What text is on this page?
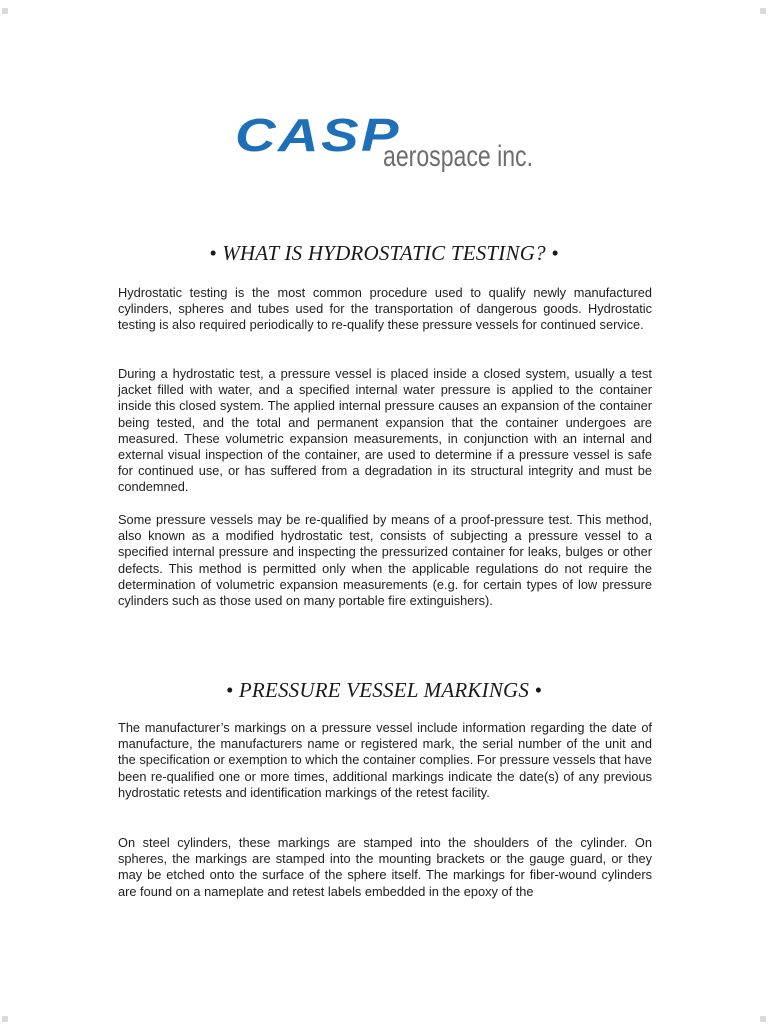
CASP
aerospace inc.
• WHAT IS HYDROSTATIC TESTING? •

Hydrostatic testing is the most common procedure used to qualify newly manufactured cylinders, spheres and tubes used for the transportation of dangerous goods. Hydrostatic testing is also required periodically to re-qualify these pressure vessels for continued service.

During a hydrostatic test, a pressure vessel is placed inside a closed system, usually a test jacket filled with water, and a specified internal water pressure is applied to the container inside this closed system. The applied internal pressure causes an expansion of the container being tested, and the total and permanent expansion that the container undergoes are measured. These volumetric expansion measurements, in conjunction with an internal and external visual inspection of the container, are used to determine if a pressure vessel is safe for continued use, or has suffered from a degradation in its structural integrity and must be condemned.

Some pressure vessels may be re-qualified by means of a proof-pressure test. This method, also known as a modified hydrostatic test, consists of subjecting a pressure vessel to a specified internal pressure and inspecting the pressurized container for leaks, bulges or other defects. This method is permitted only when the applicable regulations do not require the determination of volumetric expansion measurements (e.g. for certain types of low pressure cylinders such as those used on many portable fire extinguishers).

• PRESSURE VESSEL MARKINGS •

The manufacturer’s markings on a pressure vessel include information regarding the date of manufacture, the manufacturers name or registered mark, the serial number of the unit and the specification or exemption to which the container complies. For pressure vessels that have been re-qualified one or more times, additional markings indicate the date(s) of any previous hydrostatic retests and identification markings of the retest facility.

On steel cylinders, these markings are stamped into the shoulders of the cylinder. On spheres, the markings are stamped into the mounting brackets or the gauge guard, or they may be etched onto the surface of the sphere itself. The markings for fiber-wound cylinders are found on a nameplate and retest labels embedded in the epoxy of the
